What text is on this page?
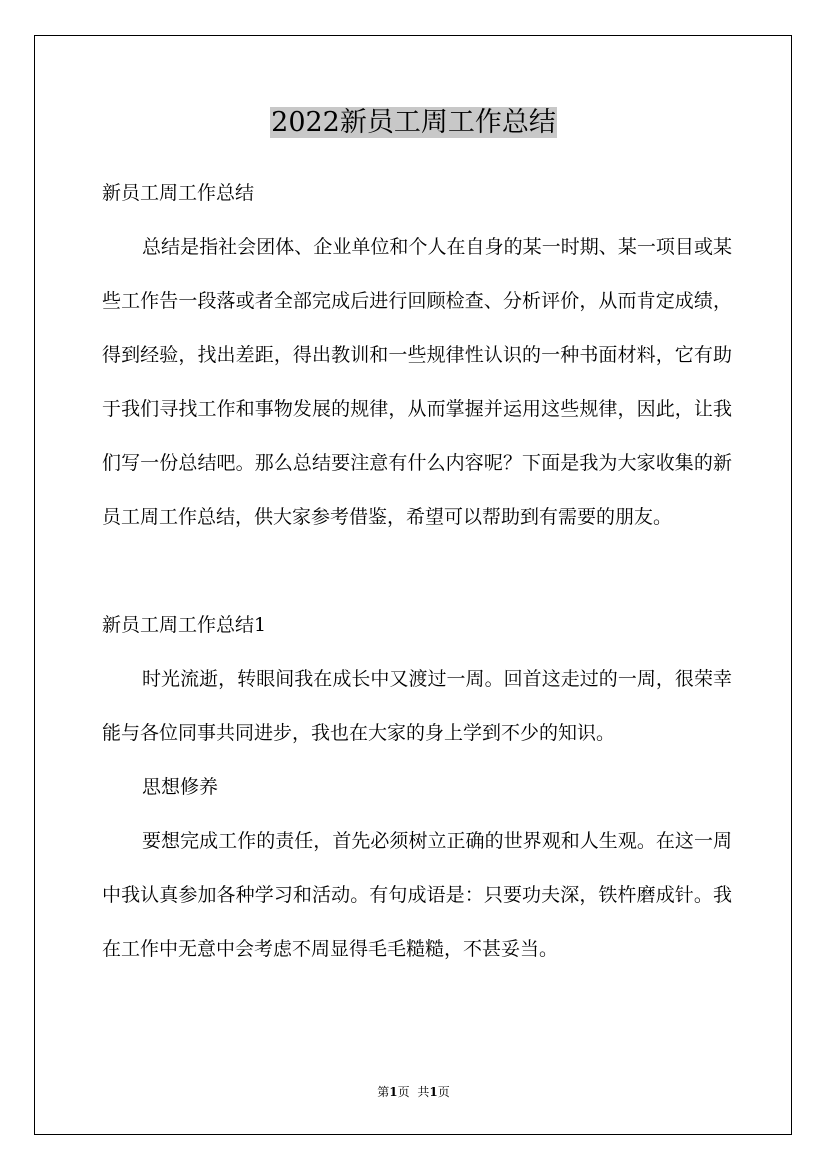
2022新员工周工作总结

新员工周工作总结

总结是指社会团体、企业单位和个人在自身的某一时期、某一项目或某些工作告一段落或者全部完成后进行回顾检查、分析评价，从而肯定成绩，得到经验，找出差距，得出教训和一些规律性认识的一种书面材料，它有助于我们寻找工作和事物发展的规律，从而掌握并运用这些规律，因此，让我们写一份总结吧。那么总结要注意有什么内容呢？下面是我为大家收集的新员工周工作总结，供大家参考借鉴，希望可以帮助到有需要的朋友。

新员工周工作总结1

时光流逝，转眼间我在成长中又渡过一周。回首这走过的一周，很荣幸能与各位同事共同进步，我也在大家的身上学到不少的知识。

思想修养

要想完成工作的责任，首先必须树立正确的世界观和人生观。在这一周中我认真参加各种学习和活动。有句成语是：只要功夫深，铁杵磨成针。我在工作中无意中会考虑不周显得毛毛糙糙，不甚妥当。

第1页 共1页
